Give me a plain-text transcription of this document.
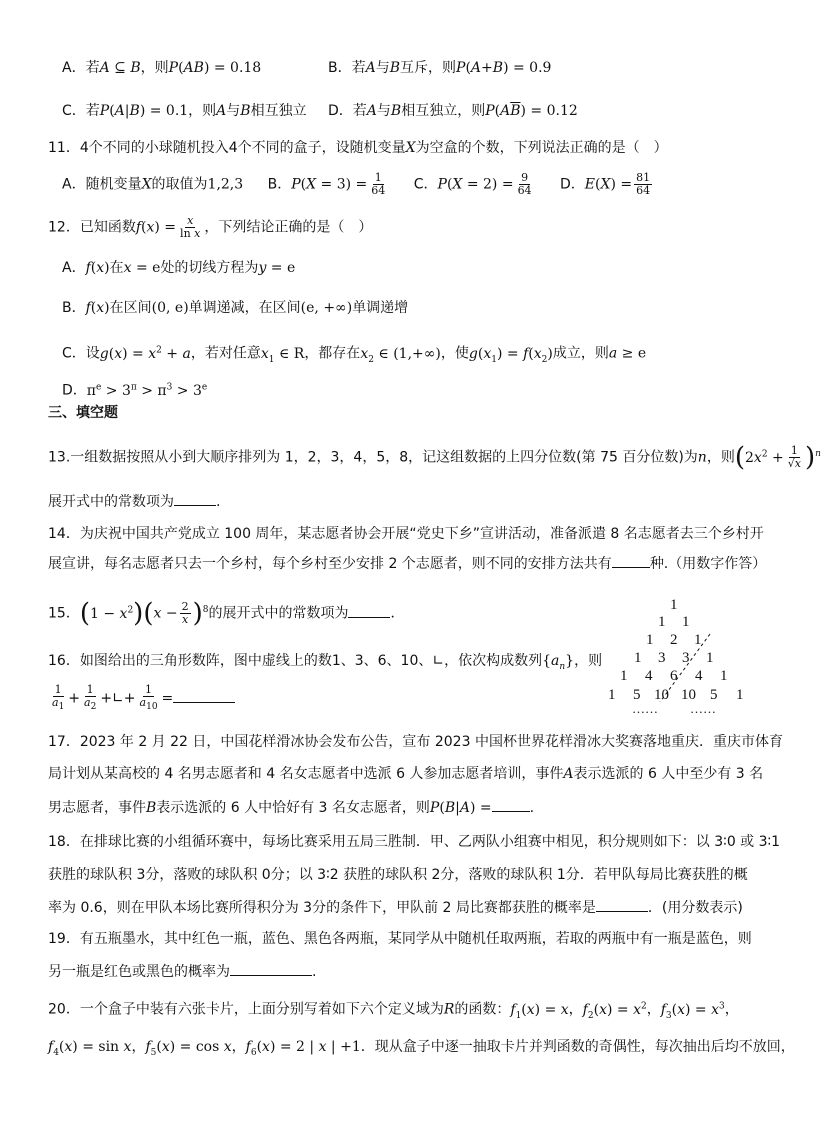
A．若A ⊆ B，则P(AB) = 0.18	B．若A与B互斥，则P(A+B) = 0.9
C．若P(A|B) = 0.1，则A与B相互独立 D．若A与B相互独立，则$P(A\overline{B}) = 0.12$
11．4个不同的小球随机投入4个不同的盒子，设随机变量X为空盒的个数，下列说法正确的是（　）
A．随机变量X的取值为1,2,3 B．$P(X = 3) = \frac{1}{64}$ C．$P(X = 2) = \frac{9}{64}$ D．$E(X) = \frac{81}{64}$
12．已知函数$f(x) = \frac{x}{\text{ln x}}$ ，下列结论正确的是（　）
A．f(x)在x = e处的切线方程为y = e
B．f(x)在区间(0, e)单调递减，在区间(e, +∞)单调递增
C．设$g(x) = x^2 + a$，若对任意$x_1$ ∈ R，都存在$x_2$ ∈ (1,+∞)，使$g(x_1) = f(x_2)$成立，则a ≥ e
D．$\pi^e > 3^\pi > \pi^3 > 3^e$
三、填空题
13.一组数据按照从小到大顺序排列为 1，2，3，4，5，8，记这组数据的上四分位数(第 75 百分位数)为n，则$(2x^2 + \frac{1}{√x} )^n$
展开式中的常数项为	.
14．为庆祝中国共产党成立 100 周年，某志愿者协会开展“党史下乡”宣讲活动，准备派遣 8 名志愿者去三个乡村开
展宣讲，每名志愿者只去一个乡村，每个乡村至少安排 2 个志愿者，则不同的安排方法共有	种.（用数字作答）
15．$(1 - x^2)(x - \frac{2}{x} )^8$的展开式中的常数项为	．
16．如图给出的三角形数阵，图中虚线上的数1、3、6、10、∟，依次构成数列$\{a_n\}$，则
$\frac{1}{a_1} + \frac{1}{a_2}$ +∟+ $\frac{1}{a_{10}}$ =
1
1 1
1 2 1
1 3 3 1
1 4 6 4 1
1 5 10 10 5 1
…… ……
17．2023 年 2 月 22 日，中国花样滑冰协会发布公告，宣布 2023 中国杯世界花样滑冰大奖赛落地重庆．重庆市体育
局计划从某高校的 4 名男志愿者和 4 名女志愿者中选派 6 人参加志愿者培训，事件A表示选派的 6 人中至少有 3 名
男志愿者，事件B表示选派的 6 人中恰好有 3 名女志愿者，则P(B|A) =	.
18．在排球比赛的小组循环赛中，每场比赛采用五局三胜制．甲、乙两队小组赛中相见，积分规则如下：以 3∶0 或 3∶1
获胜的球队积 3分，落败的球队积 0分；以 3∶2 获胜的球队积 2分，落败的球队积 1分．若甲队每局比赛获胜的概
率为 0.6，则在甲队本场比赛所得积分为 3分的条件下，甲队前 2 局比赛都获胜的概率是	．(用分数表示)
19．有五瓶墨水，其中红色一瓶，蓝色、黑色各两瓶，某同学从中随机任取两瓶，若取的两瓶中有一瓶是蓝色，则
另一瓶是红色或黑色的概率为	.
20．一个盒子中装有六张卡片，上面分别写着如下六个定义域为R的函数：$f_1(x) = x$，$f_2(x) = x^2$，$f_3(x) = x^3$，
$f_4(x) = \sin x$，$f_5(x) = \cos x$，$f_6(x) = 2$ | x | +1．现从盒子中逐一抽取卡片并判函数的奇偶性，每次抽出后均不放回，
